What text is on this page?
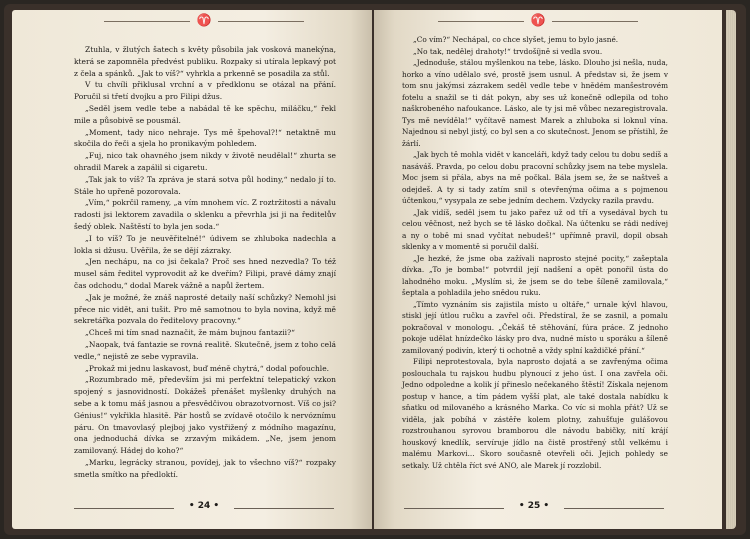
♈

Ztuhla, v žlutých šatech s květy působila jak vosková manekýna, která se zapomněla předvést publiku. Rozpaky si utírala lepkavý pot z čela a spánků. „Jak to víš?“ vyhrkla a prkenně se posadila za stůl.

V tu chvíli přiklusal vrchní a v předklonu se otázal na přání. Poručil si třetí dvojku a pro Filipi džus.

„Seděl jsem vedle tebe a nabádal tě ke spěchu, miláčku,“ řekl mile a působivě se pousmál.

„Moment, tady nico nehraje. Tys mě špehoval?!“ netaktně mu skočila do řeči a sjela ho pronikavým pohledem.

„Fuj, nico tak ohavného jsem nikdy v životě neudělal!“ zhurta se ohradil Marek a zapálil si cigaretu.

„Tak jak to víš? Ta zpráva je stará sotva půl hodiny,“ nedalo jí to. Stále ho upřeně pozorovala.

„Vím,“ pokrčil rameny, „a vím mnohem víc. Z roztržitosti a návalu radosti jsi lektorem zavadila o sklenku a převrhla jsi ji na ředitelův šedý oblek. Naštěstí to byla jen soda.“

„I to víš? To je neuvěřitelné!“ údivem se zhluboka nadechla a lokla si džusu. Uvěřila, že se dějí zázraky.

„Jen nechápu, na co jsi čekala? Proč ses hned nezvedla? To též musel sám ředitel vyprovodit až ke dveřím? Filipi, pravé dámy znají čas odchodu,“ dodal Marek vážně a napůl žertem.

„Jak je možné, že znáš naprosté detaily naší schůzky? Nemohl jsi přece nic vidět, ani tušit. Pro mě samotnou to byla novina, když mě sekretářka pozvala do ředitelovy pracovny.“

„Chceš mi tím snad naznačit, že mám bujnou fantazii?“

„Naopak, tvá fantazie se rovná realitě. Skutečně, jsem z toho celá vedle,“ nejistě ze sebe vypravila.

„Prokaž mi jednu laskavost, buď méně chytrá,“ dodal pofouchle.

„Rozumbrado mě, především jsi mi perfektní telepatický vzkon spojený s jasnovidností. Dokážeš přenášet myšlenky druhých na sebe a k tomu máš jasnou a přesvědčivou obrazotvornost. Víš co jsi? Génius!“ vykřikla hlasitě. Pár hostů se zvídavě otočilo k nervóznímu páru. On tmavovlasý plejboj jako vystřižený z módního magazínu, ona jednoduchá dívka se zrzavým mikádem. „Ne, jsem jenom zamilovaný. Hádej do koho?“

„Marku, legrácky stranou, povídej, jak to všechno víš?“ rozpaky smetla smítko na předloktí.

• 24 •
♈

„Co vím?“ Nechápal, co chce slyšet, jemu to bylo jasné.

„No tak, nedělej drahoty!“ trvdošíjně si vedla svou.

„Jednoduše, stálou myšlenkou na tebe, lásko. Dlouho jsi nešla, nuda, horko a víno udělalo své, prostě jsem usnul. A představ si, že jsem v tom snu jakýmsi zázrakem seděl vedle tebe v hnědém manšestrovém fotelu a snažil se ti dát pokyn, aby ses už konečně odlepila od toho naškrobeného nafoukance. Lásko, ale ty jsi mě vůbec nezaregistrovala. Tys mě nevíděla!“ vyčítavě namest Marek a zhluboka si loknul vína. Najednou si nebyl jistý, co byl sen a co skutečnost. Jenom se přístihl, že žárlí.

„Jak bych tě mohla vidět v kanceláři, když tady celou tu dobu sedíš a nasáváš. Pravda, po celou dobu pracovní schůzky jsem na tebe myslela. Moc jsem si přála, abys na mě počkal. Bála jsem se, že se naštveš a odejdeš. A ty si tady zatím snil s otevřenýma očima a s pojmenou účtenkou,“ vysypala ze sebe jedním dechem. Vzdycky razila pravdu.

„Jak vidíš, seděl jsem tu jako pařez už od tří a vysedával bych tu celou věčnost, než bych se tě lásko dočkal. Na účtenku se rádi nedívej a ny o tobě mi snad vyčítat nebudeš!“ upřímně pravil, dopil obsah sklenky a v momentě si poručil další.

„Je hezké, že jsme oba zažívali naprosto stejné pocity,“ zašeptala dívka. „To je bomba!“ potvrdil její nadšení a opět ponořil ústa do lahodného moku. „Myslím si, že jsem se do tebe šíleně zamilovala,“ šeptala a pohladila jeho snědou ruku.

„Tímto vyznáním sis zajistila místo u oltáře,“ urnale kývl hlavou, stiskl její útlou ručku a zavřel oči. Předstíral, že se zasnil, a pomalu pokračoval v monologu. „Čekáš tě stěhování, fúra práce. Z jednoho pokoje udělat hnízdečko lásky pro dva, nudné místo u sporáku a šíleně zamilovaný podivín, který ti ochotně a vždy splní každičké přání.“

Filipi neprotestovala, byla naprosto dojatá a se zavřenýma očima poslouchala tu rajskou hudbu plynoucí z jeho úst. I ona zavřela oči. Jedno odpoledne a kolik jí přineslo nečekaného štěstí! Získala nejenom postup v hance, a tím pádem vyšší plat, ale také dostala nabídku k sňatku od milovaného a krásného Marka. Co víc si mohla přát? Už se viděla, jak pobíhá v zástěře kolem plotny, zahušťuje gulášovou rozstrouhanou syrovou bramborou dle návodu babičky, nití krájí houskový knedlík, servíruje jídlo na čistě prostřený stůl velkému i malému Markovi... Skoro současně otevřeli oči. Jejich pohledy se setkaly. Už chtěla říct své ANO, ale Marek jí rozzlobil.

• 25 •
